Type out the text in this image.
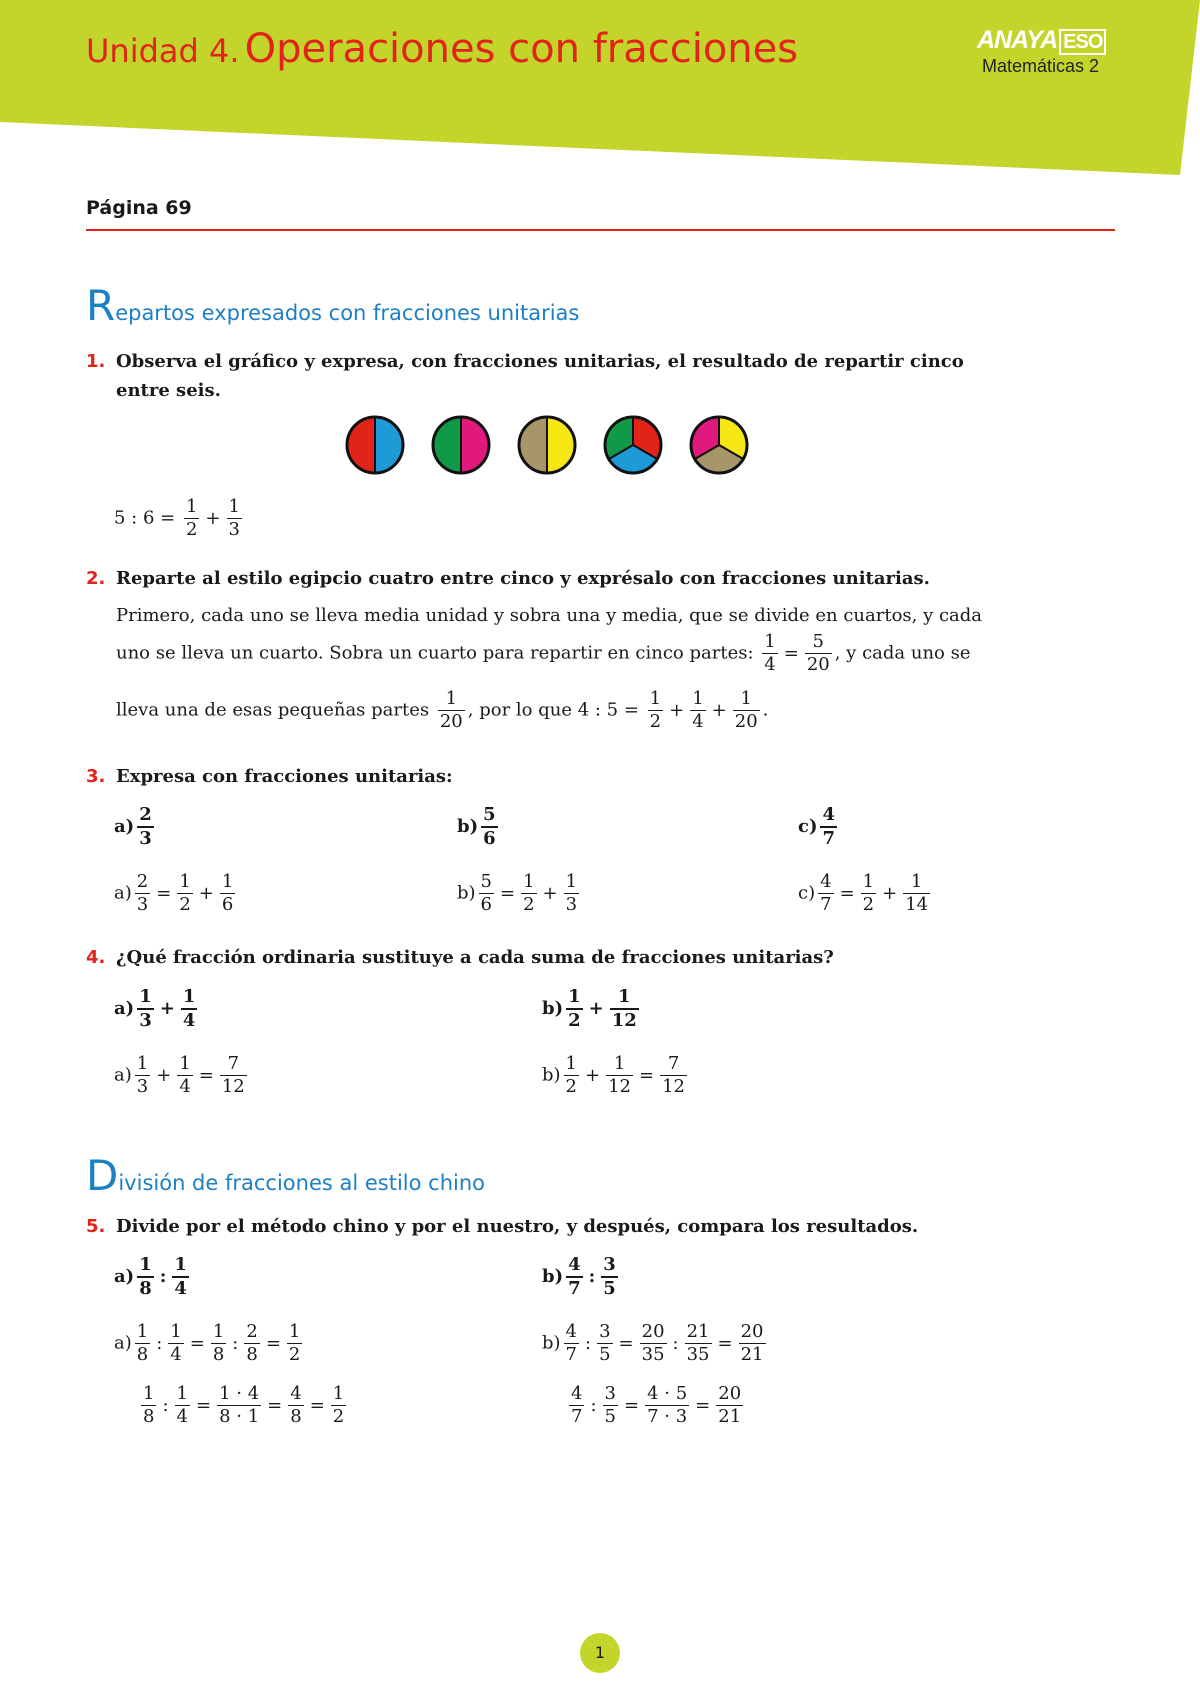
Unidad 4. Operaciones con fracciones	ANAYA ESO
Matemáticas 2
Página 69
Repartos expresados con fracciones unitarias
1. Observa el gráfico y expresa, con fracciones unitarias, el resultado de repartir cinco entre seis.
5 : $6 = \frac{1}{2} + \frac{1}{3}$
2. Reparte al estilo egipcio cuatro entre cinco y exprésalo con fracciones unitarias.
Primero, cada uno se lleva media unidad y sobra una y media, que se divide en cuartos, y cada
uno se lleva un cuarto. Sobra un cuarto para repartir en cinco partes: $\frac{1}{4} = \frac{5}{20}$ , y cada uno se
lleva una de esas pequeñas partes $\frac{1}{20}$ , por lo que 4 : $5 = \frac{1}{2} + \frac{1}{4} + \frac{1}{20}$ .
3. Expresa con fracciones unitarias:
$a) \frac{2}{3}$	$b) \frac{5}{6}$	$c) \frac{4}{7}$
$a) \frac{2}{3} = \frac{1}{2} + \frac{1}{6}$	$b) \frac{5}{6} = \frac{1}{2} + \frac{1}{3}$	$c) \frac{4}{7} = \frac{1}{2} + \frac{1}{14}$
4. ¿Qué fracción ordinaria sustituye a cada suma de fracciones unitarias?
$a) \frac{1}{3} + \frac{1}{4}$	$b) \frac{1}{2} + \frac{1}{12}$
$a) \frac{1}{3} + \frac{1}{4} = \frac{7}{12}$	$b) \frac{1}{2} + \frac{1}{12} = \frac{7}{12}$
División de fracciones al estilo chino
5. Divide por el método chino y por el nuestro, y después, compara los resultados.
$a) \frac{1}{8}$ : $\frac{1}{4}$	$b) \frac{4}{7}$ : $\frac{3}{5}$
$a) \frac{1}{8}$ : $\frac{1}{4} = \frac{1}{8}$ : $\frac{2}{8} = \frac{1}{2}$
$\frac{1}{8}$ : $\frac{1}{4} = \frac{1 \cdot 4}{8 \cdot 1} = \frac{4}{8} = \frac{1}{2}$
$b) \frac{4}{7}$ : $\frac{3}{5} = \frac{20}{35}$ : $\frac{21}{35} = \frac{20}{21}$
$\frac{4}{7}$ : $\frac{3}{5} = \frac{4 \cdot 5}{7 \cdot 3} = \frac{20}{21}$
1
